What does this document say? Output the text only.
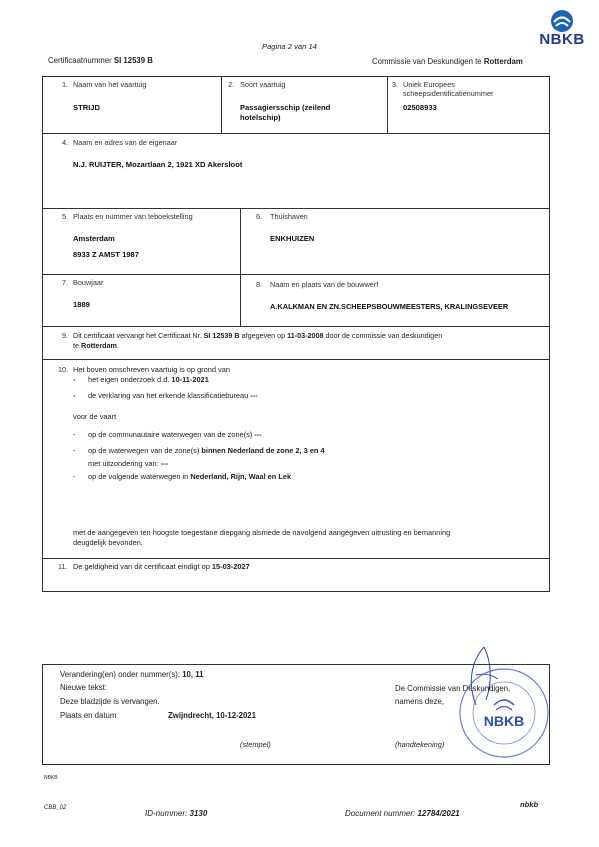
Pagina 2 van 14
Certificaatnummer SI 12539 B	Commissie van Deskundigen te Rotterdam
NBKB
1. Naam van het vaartuig
STRIJD
2. Soort vaartuig
Passagiersschip (zeilend
hotelschip)
3. Uniek Europees
scheepsidentificatienummer
02508933
4. Naam en adres van de eigenaar
N.J. RUIJTER, Mozartlaan 2, 1921 XD Akersloot
5. Plaats en nummer van teboekstelling
Amsterdam
8933 Z AMST 1987
6. Thuishaven
ENKHUIZEN
7. Bouwjaar
1889
8. Naam en plaats van de bouwwerf
A.KALKMAN EN ZN.SCHEEPSBOUWMEESTERS, KRALINGSEVEER
9. Dit certificaat vervangt het Certificaat Nr. SI 12539 B afgegeven op 11-03-2008 door de commissie van deskundigen
te Rotterdam.
10. Het boven omschreven vaartuig is op grond van
- het eigen onderzoek d.d. 10-11-2021
- de verklaring van het erkende klassificatiebureau ---
voor de vaart
- op de communautaire waterwegen van de zone(s) ---
- op de waterwegen van de zone(s) binnen Nederland de zone 2, 3 en 4
met uitzondering van: ---
- op de volgende waterwegen in Nederland, Rijn, Waal en Lek
met de aangegeven ten hoogste toegestane diepgang alsmede de navolgend aangegeven uitrusting en bemanning
deugdelijk bevonden.
11. De geldigheid van dit certificaat eindigt op 15-03-2027
Verandering(en) onder nummer(s): 10, 11
Nieuwe tekst:
Deze bladzijde is vervangen.
Plaats en datum	Zwijndrecht, 10-12-2021
De Commissie van Deskundigen,
namens deze,
(stempel)	(handtekening)
NBKB
NBKB
CBB_02
ID-nummer: 3130	Document nummer: 12784/2021
nbkb
